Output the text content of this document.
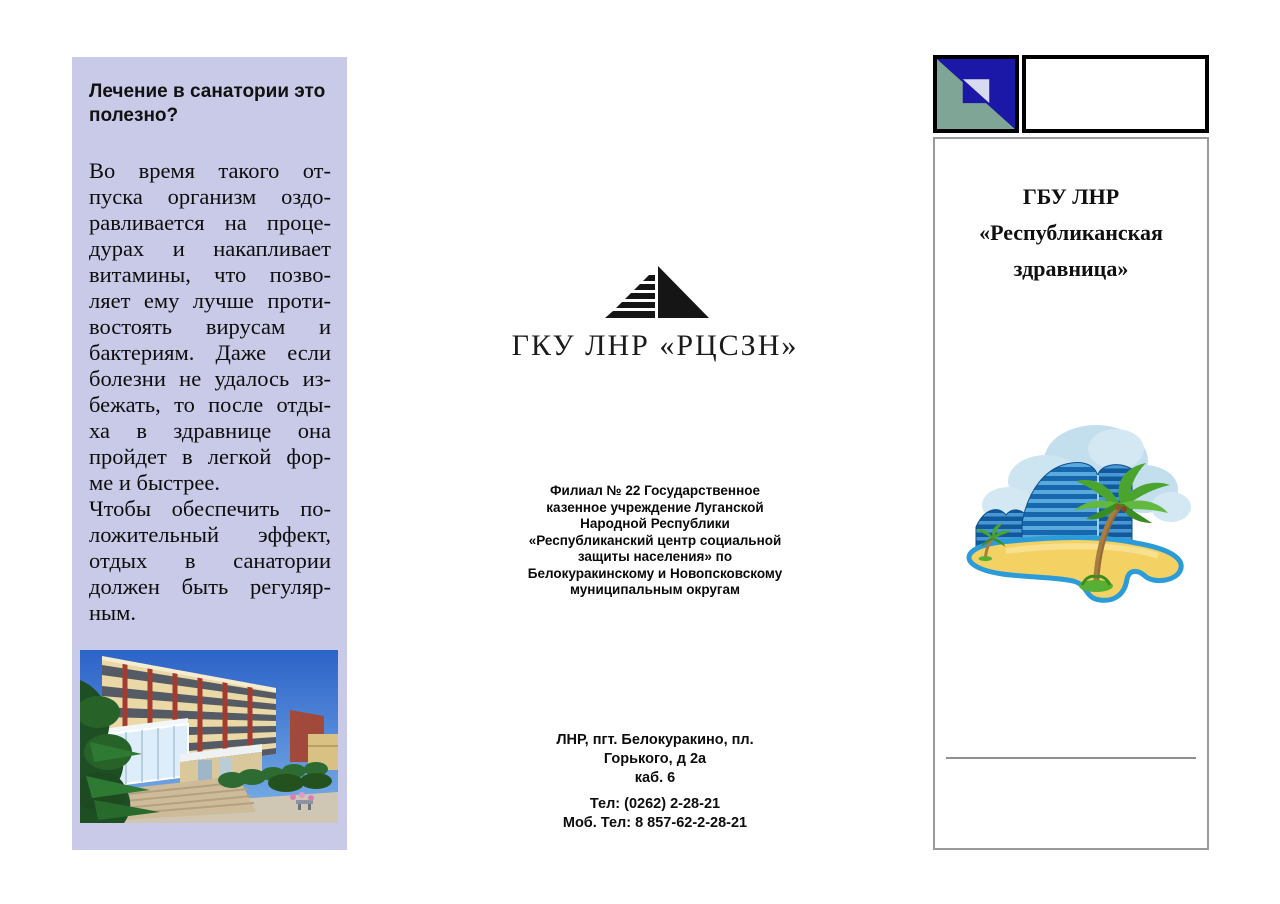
Лечение в санатории это полезно?
Во время такого от-
пуска организм оздо-
равливается на проце-
дурах и накапливает
витамины, что позво-
ляет ему лучше проти-
востоять вирусам и
бактериям. Даже если
болезни не удалось из-
бежать, то после отды-
ха в здравнице она
пройдет в легкой фор-
ме и быстрее.
Чтобы обеспечить по-
ложительный эффект,
отдых в санатории
должен быть регуляр-
ным.
ГКУ ЛНР «РЦСЗН»
Филиал № 22 Государственное
казенное учреждение Луганской
Народной Республики
«Республиканский центр социальной
защиты населения» по
Белокуракинскому и Новопсковскому
муниципальным округам
ЛНР, пгт. Белокуракино, пл.
Горького, д 2а
каб. 6
Тел: (0262) 2-28-21
Моб. Тел: 8 857-62-2-28-21
ГБУ ЛНР
«Республиканская
здравница»
